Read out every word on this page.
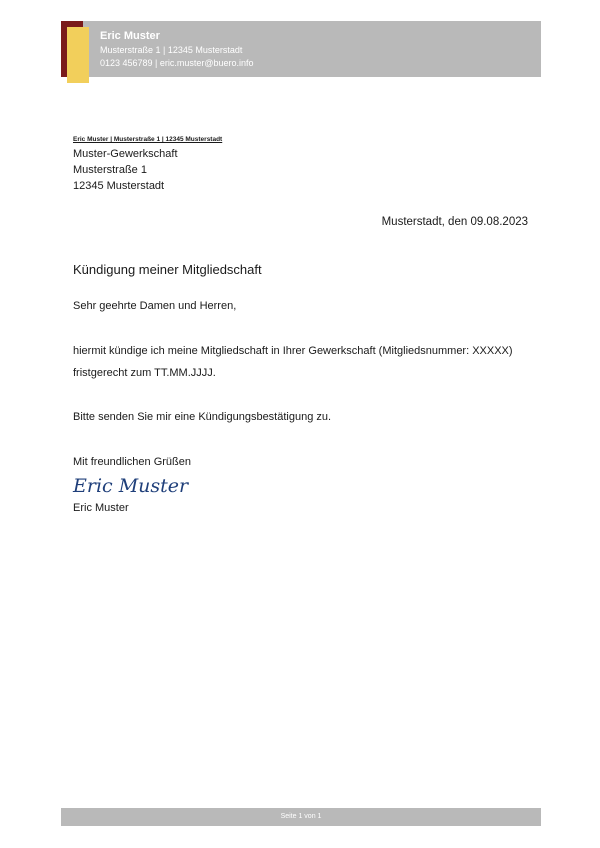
Eric Muster
Musterstraße 1 | 12345 Musterstadt
0123 456789 | eric.muster@buero.info
Eric Muster | Musterstraße 1 | 12345 Musterstadt
Muster-Gewerkschaft
Musterstraße 1
12345 Musterstadt
Musterstadt, den 09.08.2023
Kündigung meiner Mitgliedschaft
Sehr geehrte Damen und Herren,
hiermit kündige ich meine Mitgliedschaft in Ihrer Gewerkschaft (Mitgliedsnummer: XXXXX)
fristgerecht zum TT.MM.JJJJ.
Bitte senden Sie mir eine Kündigungsbestätigung zu.
Mit freundlichen Grüßen
Eric Muster
Eric Muster
Seite 1 von 1
